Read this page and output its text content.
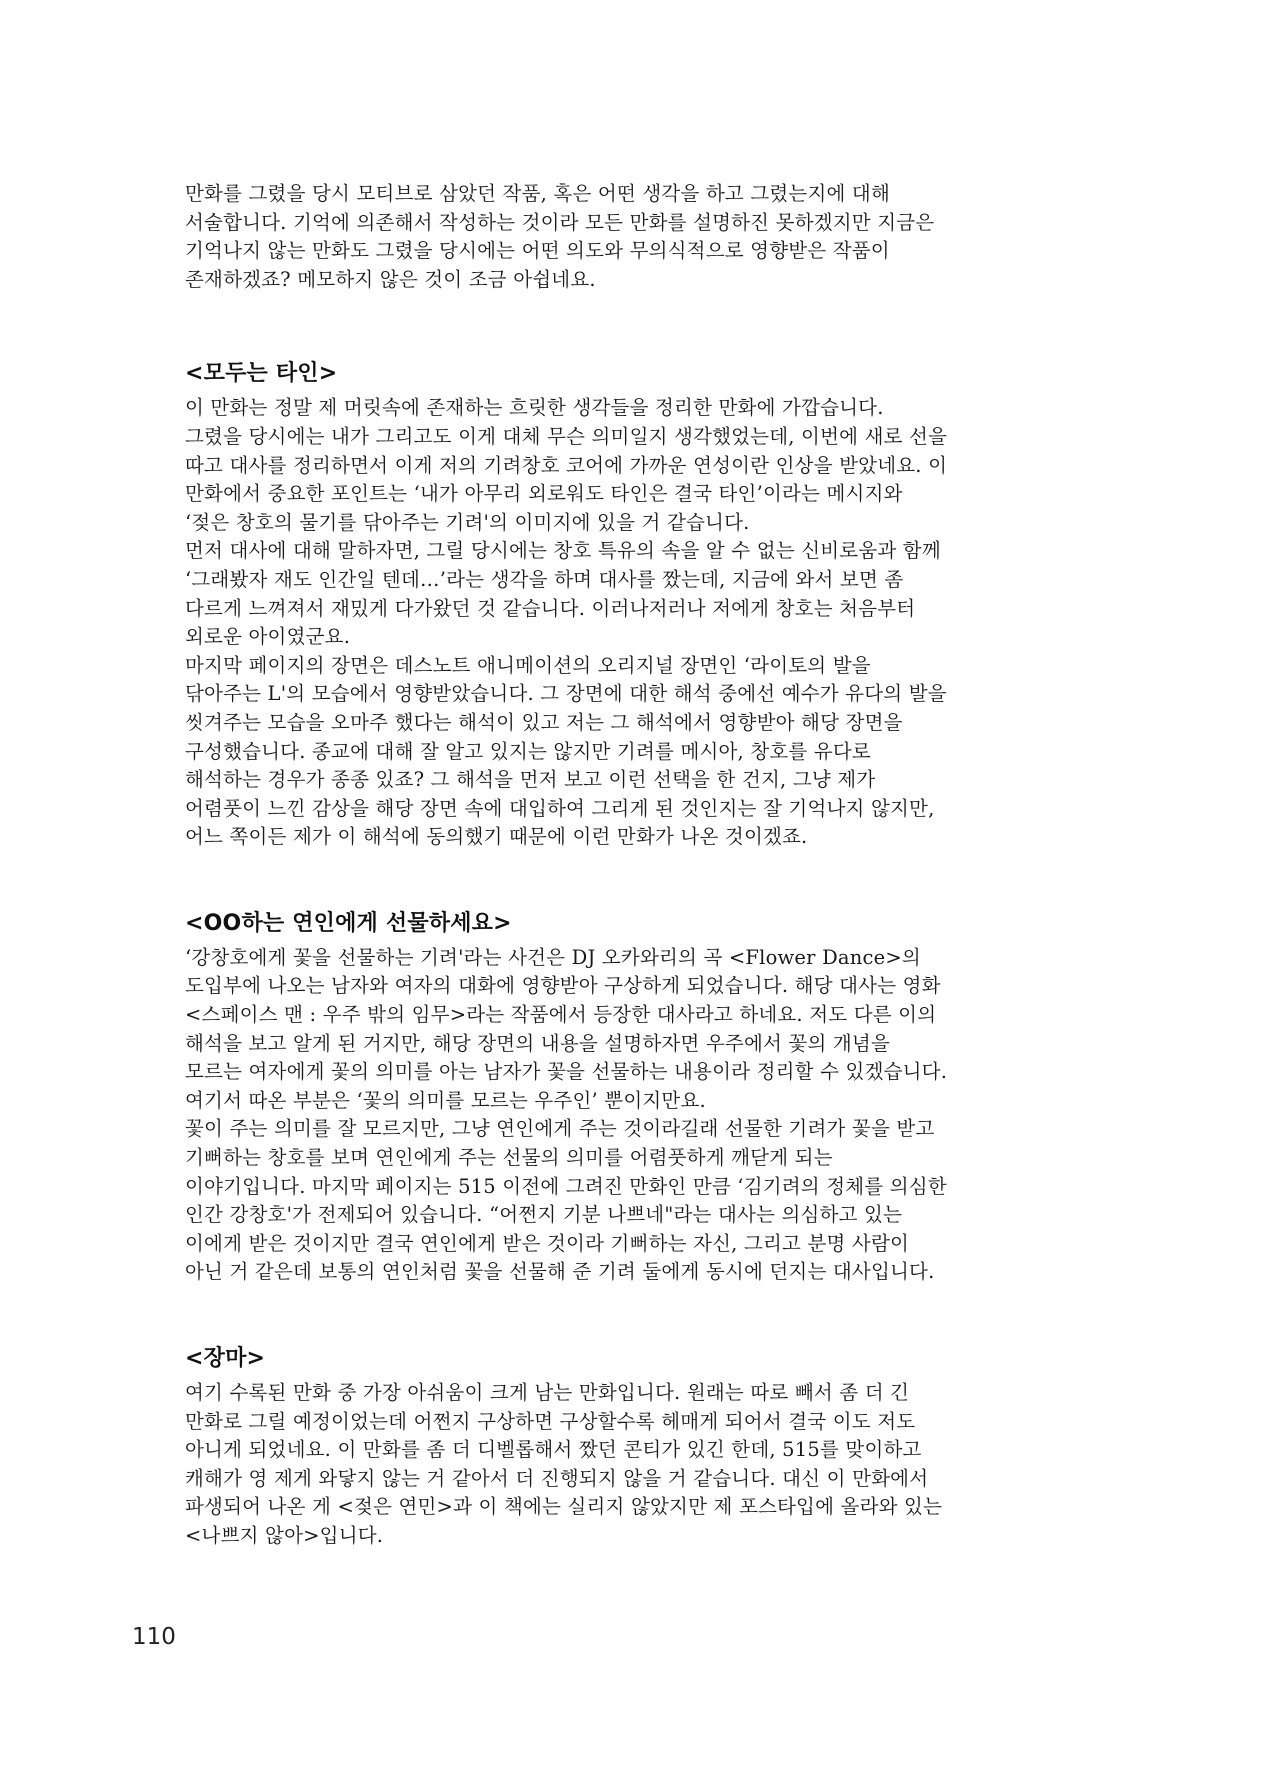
만화를 그렸을 당시 모티브로 삼았던 작품, 혹은 어떤 생각을 하고 그렸는지에 대해
서술합니다. 기억에 의존해서 작성하는 것이라 모든 만화를 설명하진 못하겠지만 지금은
기억나지 않는 만화도 그렸을 당시에는 어떤 의도와 무의식적으로 영향받은 작품이
존재하겠죠? 메모하지 않은 것이 조금 아쉽네요.
<모두는 타인>
이 만화는 정말 제 머릿속에 존재하는 흐릿한 생각들을 정리한 만화에 가깝습니다.
그렸을 당시에는 내가 그리고도 이게 대체 무슨 의미일지 생각했었는데, 이번에 새로 선을
따고 대사를 정리하면서 이게 저의 기려창호 코어에 가까운 연성이란 인상을 받았네요. 이
만화에서 중요한 포인트는 ‘내가 아무리 외로워도 타인은 결국 타인’이라는 메시지와
‘젖은 창호의 물기를 닦아주는 기려'의 이미지에 있을 거 같습니다.
먼저 대사에 대해 말하자면, 그릴 당시에는 창호 특유의 속을 알 수 없는 신비로움과 함께
‘그래봤자 재도 인간일 텐데…’라는 생각을 하며 대사를 짰는데, 지금에 와서 보면 좀
다르게 느껴져서 재밌게 다가왔던 것 같습니다. 이러나저러나 저에게 창호는 처음부터
외로운 아이였군요.
마지막 페이지의 장면은 데스노트 애니메이션의 오리지널 장면인 ‘라이토의 발을
닦아주는 L'의 모습에서 영향받았습니다. 그 장면에 대한 해석 중에선 예수가 유다의 발을
씻겨주는 모습을 오마주 했다는 해석이 있고 저는 그 해석에서 영향받아 해당 장면을
구성했습니다. 종교에 대해 잘 알고 있지는 않지만 기려를 메시아, 창호를 유다로
해석하는 경우가 종종 있죠? 그 해석을 먼저 보고 이런 선택을 한 건지, 그냥 제가
어렴풋이 느낀 감상을 해당 장면 속에 대입하여 그리게 된 것인지는 잘 기억나지 않지만,
어느 쪽이든 제가 이 해석에 동의했기 때문에 이런 만화가 나온 것이겠죠.
<OO하는 연인에게 선물하세요>
‘강창호에게 꽃을 선물하는 기려'라는 사건은 DJ 오카와리의 곡 <Flower Dance>의
도입부에 나오는 남자와 여자의 대화에 영향받아 구상하게 되었습니다. 해당 대사는 영화
<스페이스 맨 : 우주 밖의 임무>라는 작품에서 등장한 대사라고 하네요. 저도 다른 이의
해석을 보고 알게 된 거지만, 해당 장면의 내용을 설명하자면 우주에서 꽃의 개념을
모르는 여자에게 꽃의 의미를 아는 남자가 꽃을 선물하는 내용이라 정리할 수 있겠습니다.
여기서 따온 부분은 ‘꽃의 의미를 모르는 우주인’ 뿐이지만요.
꽃이 주는 의미를 잘 모르지만, 그냥 연인에게 주는 것이라길래 선물한 기려가 꽃을 받고
기뻐하는 창호를 보며 연인에게 주는 선물의 의미를 어렴풋하게 깨닫게 되는
이야기입니다. 마지막 페이지는 515 이전에 그려진 만화인 만큼 ‘김기려의 정체를 의심한
인간 강창호'가 전제되어 있습니다. “어쩐지 기분 나쁘네"라는 대사는 의심하고 있는
이에게 받은 것이지만 결국 연인에게 받은 것이라 기뻐하는 자신, 그리고 분명 사람이
아닌 거 같은데 보통의 연인처럼 꽃을 선물해 준 기려 둘에게 동시에 던지는 대사입니다.
<장마>
여기 수록된 만화 중 가장 아쉬움이 크게 남는 만화입니다. 원래는 따로 빼서 좀 더 긴
만화로 그릴 예정이었는데 어쩐지 구상하면 구상할수록 헤매게 되어서 결국 이도 저도
아니게 되었네요. 이 만화를 좀 더 디벨롭해서 짰던 콘티가 있긴 한데, 515를 맞이하고
캐해가 영 제게 와닿지 않는 거 같아서 더 진행되지 않을 거 같습니다. 대신 이 만화에서
파생되어 나온 게 <젖은 연민>과 이 책에는 실리지 않았지만 제 포스타입에 올라와 있는
<나쁘지 않아>입니다.
110
